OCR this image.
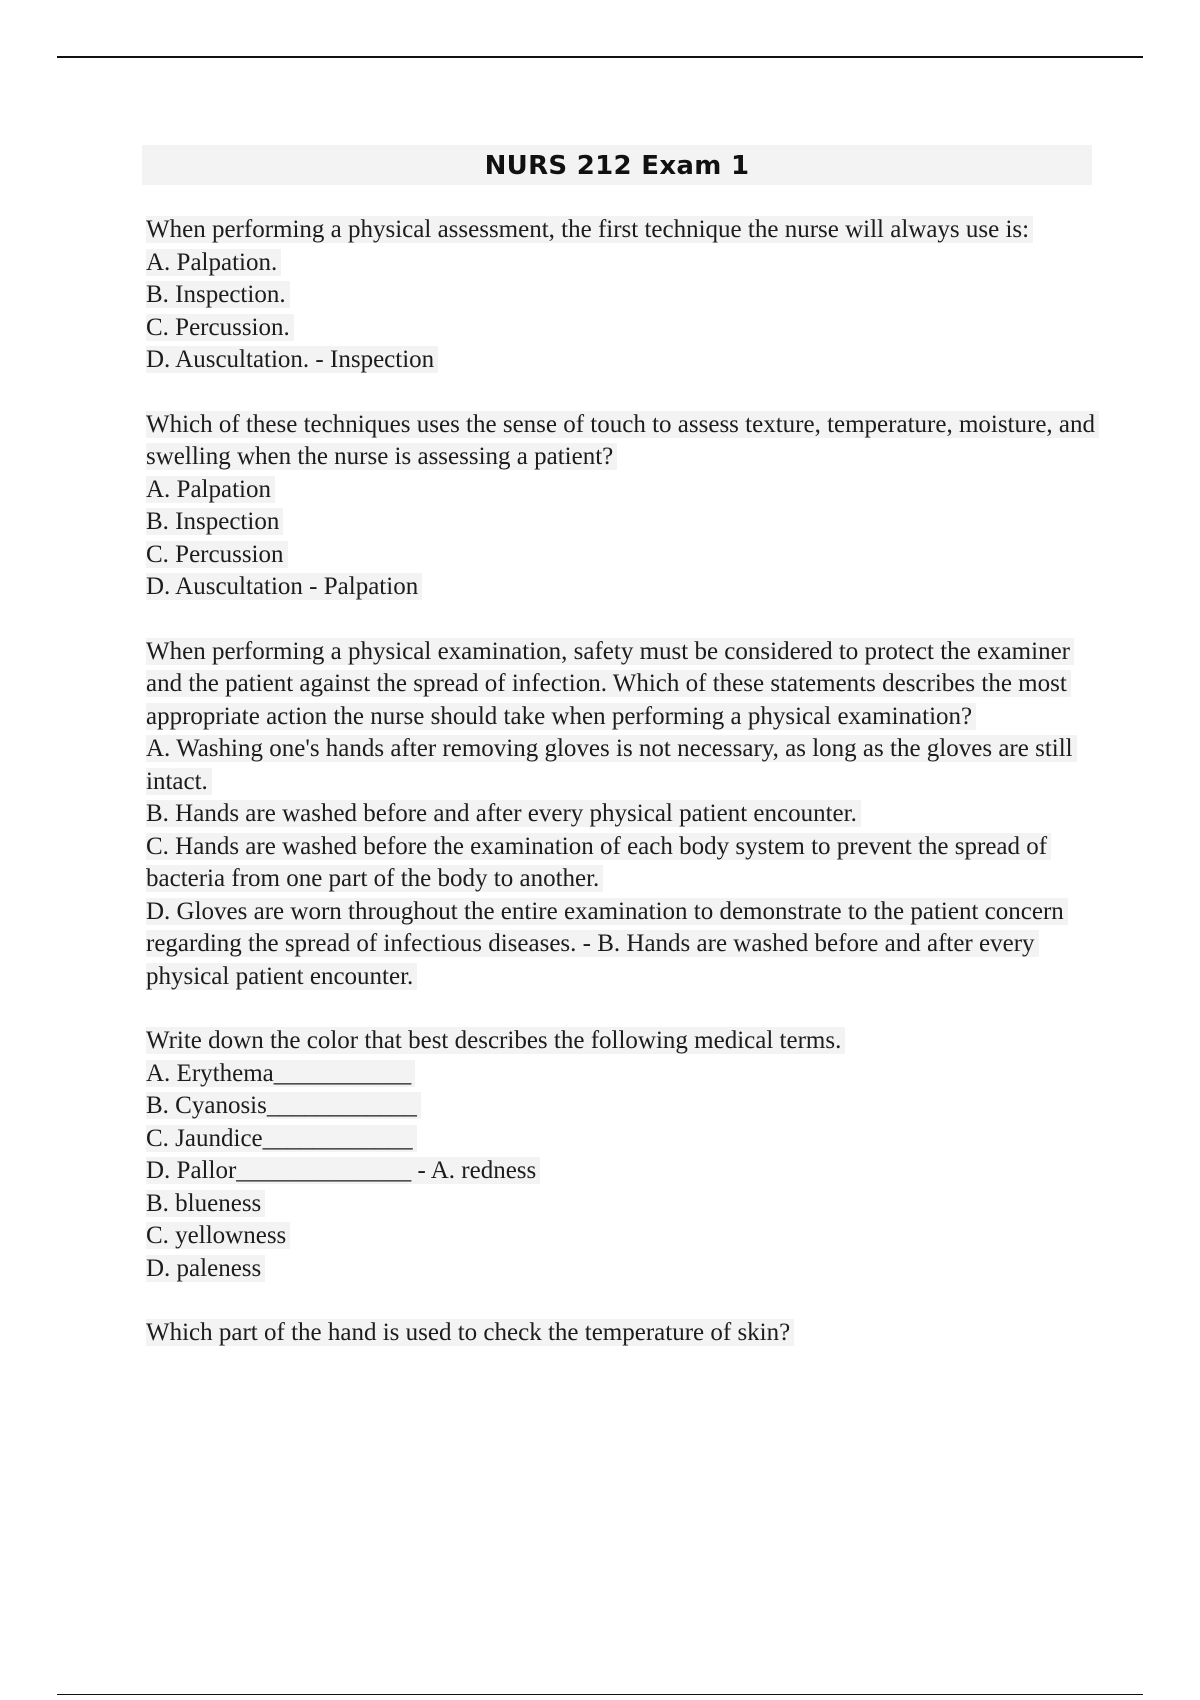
NURS 212 Exam 1
When performing a physical assessment, the first technique the nurse will always use is:
A. Palpation.
B. Inspection.
C. Percussion.
D. Auscultation. - Inspection
Which of these techniques uses the sense of touch to assess texture, temperature, moisture, and swelling when the nurse is assessing a patient?
A. Palpation
B. Inspection
C. Percussion
D. Auscultation - Palpation
When performing a physical examination, safety must be considered to protect the examiner and the patient against the spread of infection. Which of these statements describes the most appropriate action the nurse should take when performing a physical examination?
A. Washing one's hands after removing gloves is not necessary, as long as the gloves are still intact.
B. Hands are washed before and after every physical patient encounter.
C. Hands are washed before the examination of each body system to prevent the spread of bacteria from one part of the body to another.
D. Gloves are worn throughout the entire examination to demonstrate to the patient concern regarding the spread of infectious diseases. - B. Hands are washed before and after every physical patient encounter.
Write down the color that best describes the following medical terms.
A. Erythema___________
B. Cyanosis____________
C. Jaundice____________
D. Pallor______________ - A. redness
B. blueness
C. yellowness
D. paleness
Which part of the hand is used to check the temperature of skin?
